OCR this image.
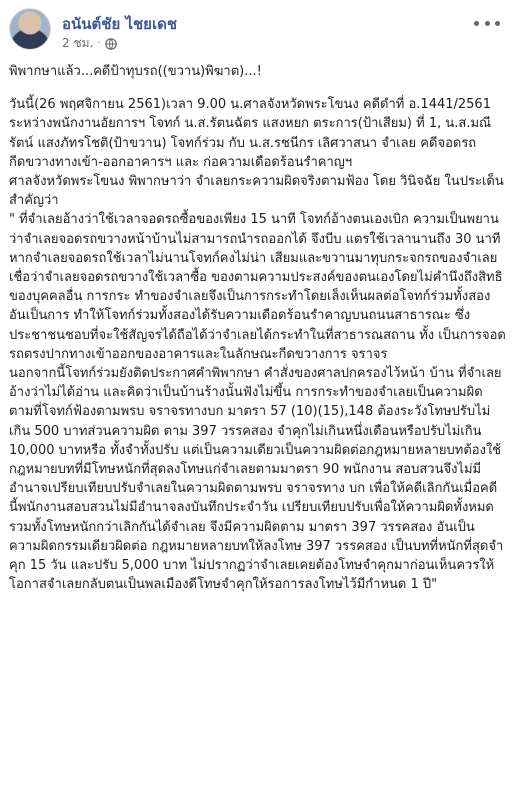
อนันต์ชัย ไชยเดช
2 ชม. ·

พิพากษาแล้ว...คดีป้าทุบรถ((ขวาน)พิฆาต)...!

วันนี้(26 พฤศจิกายน 2561)เวลา 9.00 น.ศาลจังหวัดพระโขนง คดีดำที่ อ.1441/2561 ระหว่างพนักงานอัยการฯ โจทก์ น.ส.รัตนฉัตร แสงหยก ตระการ(ป้าเสียม) ที่ 1, น.ส.มณีรัตน์ แสงภัทรโชติ(ป้าขวาน) โจทก์ร่วม กับ น.ส.รชนีกร เลิศวาสนา จำเลย คดีจอดรถกีดขวางทางเข้า-ออกอาคารฯ และ ก่อความเดือดร้อนรำคาญฯ
ศาลจังหวัดพระโขนง พิพากษาว่า จำเลยกระความผิดจริงตามฟ้อง โดย วินิจฉัย ในประเด็นสำคัญว่า
" ที่จำเลยอ้างว่าใช้เวลาจอดรถซื้อของเพียง 15 นาที โจทก์อ้างตนเองเบิก ความเป็นพยานว่าจำเลยจอดรถขวางหน้าบ้านไม่สามารถนำรถออกได้ จึงบีบ แตรใช้เวลานานถึง 30 นาที หากจำเลยจอดรถใช้เวลาไม่นานโจทก์คงไม่น่า เสียมและขวานมาทุบกระจกรถของจำเลยเชื่อว่าจำเลยจอดรถขวางใช้เวลาซื้อ ของตามความประสงค์ของตนเองโดยไม่คำนึงถึงสิทธิของบุคคลอื่น การกระ ทำของจำเลยจึงเป็นการกระทำโดยเล็งเห็นผลต่อโจทก์ร่วมทั้งสองอันเป็นการ ทำให้โจทก์ร่วมทั้งสองได้รับความเดือดร้อนรำคาญบนถนนสาธารณะ ซึ่ง ประชาชนชอบที่จะใช้สัญจรได้ถือได้ว่าจำเลยได้กระทำในที่สาธารณสถาน ทั้ง เป็นการจอดรถตรงปากทางเข้าออกของอาคารและในลักษณะกีดขวางการ จราจร
นอกจากนี้โจทก์ร่วมยังติดประกาศคำพิพากษา คำสั่งของศาลปกครองไว้หน้า บ้าน ที่จำเลยอ้างว่าไม่ได้อ่าน และคิดว่าเป็นบ้านร้างนั้นฟังไม่ขึ้น การกระทำของจำเลยเป็นความผิดตามที่โจทก์ฟ้องตามพรบ จราจรทางบก มาตรา 57 (10)(15),148 ต้องระวังโทษปรับไม่เกิน 500 บาทส่วนความผิด ตาม 397 วรรคสอง จำคุกไม่เกินหนึ่งเดือนหรือปรับไม่เกิน 10,000 บาทหรือ ทั้งจำทั้งปรับ แต่เป็นความเดียวเป็นความผิดต่อกฎหมายหลายบทต้องใช้ กฎหมายบทที่มีโทษหนักที่สุดลงโทษแก่จำเลยตามมาตรา 90 พนักงาน สอบสวนจึงไม่มีอำนาจเปรียบเทียบปรับจำเลยในความผิดตามพรบ จราจรทาง บก เพื่อให้คดีเลิกกันเมื่อคดีนี้พนักงานสอบสวนไม่มีอำนาจลงบันทึกประจำวัน เปรียบเทียบปรับเพื่อให้ความผิดทั้งหมดรวมทั้งโทษหนักกว่าเลิกกันได้จำเลย จึงมีความผิดตาม มาตรา 397 วรรคสอง อันเป็นความผิดกรรมเดียวผิดต่อ กฎหมายหลายบทให้ลงโทษ 397 วรรคสอง เป็นบทที่หนักที่สุดจำคุก 15 วัน และปรับ 5,000 บาท ไม่ปรากฏว่าจำเลยเคยต้องโทษจำคุกมาก่อนเห็นควรให้ โอกาสจำเลยกลับตนเป็นพลเมืองดีโทษจำคุกให้รอการลงโทษไว้มีกำหนด 1 ปี"
